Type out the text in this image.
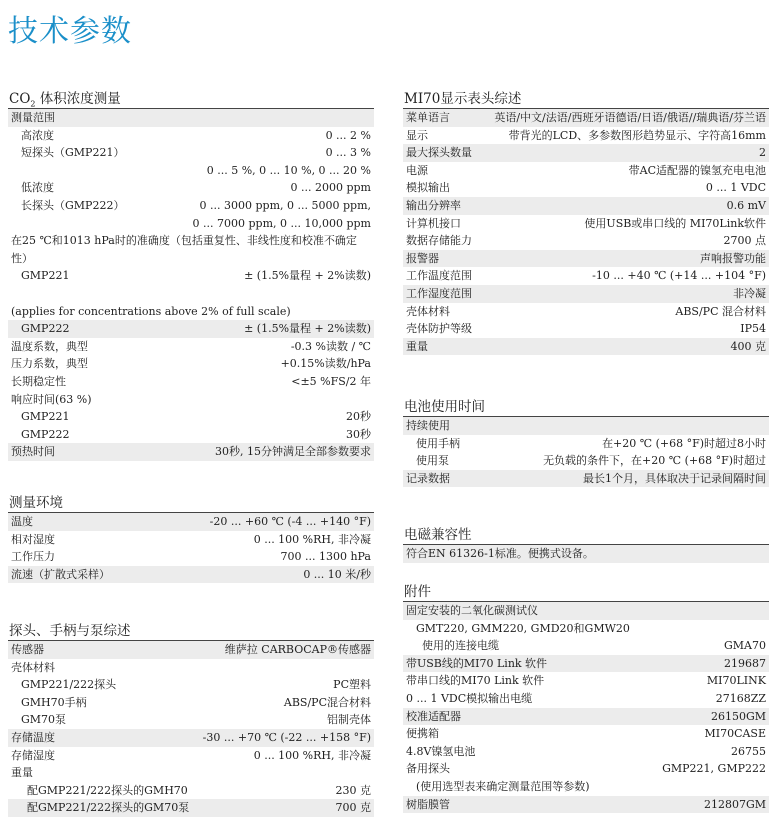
技术参数
$CO_2$ 体积浓度测量
测量范围
高浓度	0 ... 2 %
短探头（GMP221）	0 ... 3 %
0 ... 5 %, 0 ... 10 %, 0 ... 20 %
低浓度	0 ... 2000 ppm
长探头（GMP222）	0 ... 3000 ppm, 0 ... 5000 ppm,
0 ... 7000 ppm, 0 ... 10,000 ppm
在25 ℃和1013 hPa时的准确度（包括重复性、非线性度和校准不确定性）
GMP221	± (1.5%量程 + 2%读数)
(applies for concentrations above 2% of full scale)
GMP222	± (1.5%量程 + 2%读数)
温度系数，典型	-0.3 %读数 / ℃
压力系数，典型	+0.15%读数/hPa
长期稳定性	<±5 %FS/2 年
响应时间(63 %)
GMP221	20秒
GMP222	30秒
预热时间	30秒, 15分钟满足全部参数要求
测量环境
温度	-20 ... +60 ℃ (-4 ... +140 °F)
相对湿度	0 ... 100 %RH, 非冷凝
工作压力	700 ... 1300 hPa
流速（扩散式采样）	0 ... 10 米/秒
探头、手柄与泵综述
传感器	维萨拉 CARBOCAP®传感器
壳体材料
GMP221/222探头	PC塑料
GMH70手柄	ABS/PC混合材料
GM70泵	铝制壳体
存储温度	-30 ... +70 ℃ (-22 ... +158 °F)
存储湿度	0 ... 100 %RH, 非冷凝
重量
配GMP221/222探头的GMH70	230 克
配GMP221/222探头的GM70泵	700 克
MI70显示表头综述
菜单语言	英语/中文/法语/西班牙语德语/日语/俄语//瑞典语/芬兰语
显示	带背光的LCD、多参数图形趋势显示、字符高16mm
最大探头数量	2
电源	带AC适配器的镍氢充电电池
模拟输出	0 ... 1 VDC
输出分辨率	0.6 mV
计算机接口	使用USB或串口线的 MI70Link软件
数据存储能力	2700 点
报警器	声响报警功能
工作温度范围	-10 ... +40 ℃ (+14 ... +104 °F)
工作湿度范围	非冷凝
壳体材料	ABS/PC 混合材料
壳体防护等级	IP54
重量	400 克
电池使用时间
持续使用
使用手柄	在+20 ℃ (+68 °F)时超过8小时
使用泵	无负载的条件下，在+20 ℃ (+68 °F)时超过
记录数据	最长1个月，具体取决于记录间隔时间
电磁兼容性
符合EN 61326-1标准。便携式设备。
附件
固定安装的二氧化碳测试仪
GMT220, GMM220, GMD20和GMW20
使用的连接电缆	GMA70
带USB线的MI70 Link 软件	219687
带串口线的MI70 Link 软件	MI70LINK
0 ... 1 VDC模拟输出电缆	27168ZZ
校准适配器	26150GM
便携箱	MI70CASE
4.8V镍氢电池	26755
备用探头	GMP221, GMP222
(使用选型表来确定测量范围等参数)
树脂膜管	212807GM
